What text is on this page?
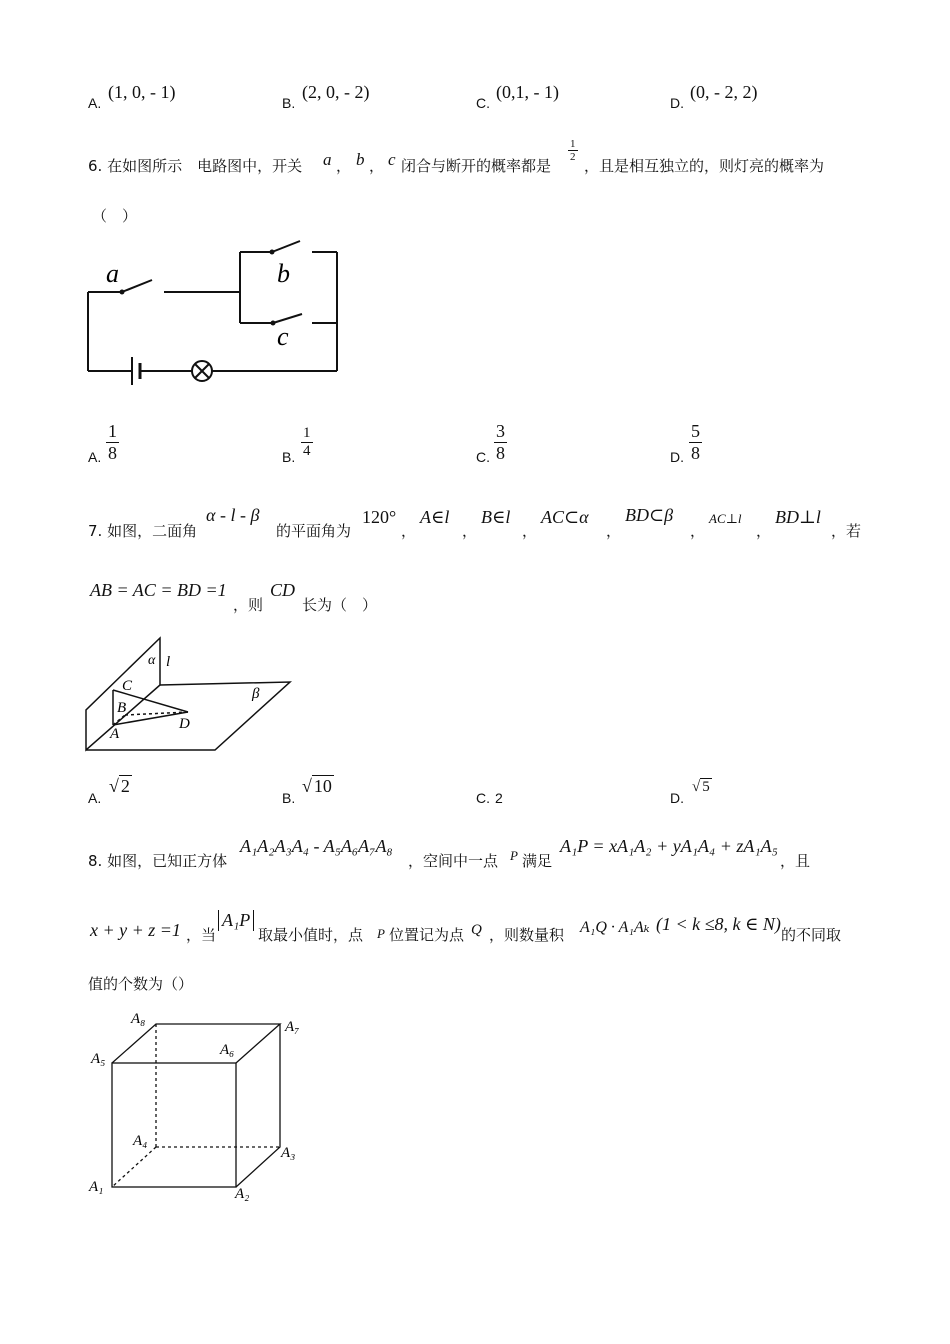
A.
(1, 0, - 1)
B.
(2, 0, - 2)
C.
(0,1, - 1)
D.
(0, - 2, 2)
6. 在如图所示　电路图中，开关 a ， b ， c 闭合与断开的概率都是
$\frac{1}{2}$
，且是相互独立的，则灯亮的概率为
（　）
a	b
c
A. $\frac{1}{8}$	B. $\frac{1}{4}$	C. $\frac{3}{8}$	D. $\frac{5}{8}$
7. 如图，二面角
α - l - β
的平面角为
120°
，
A∈l
，
B∈l
，
AC⊂α
，
BD⊂β
，
AC⊥l
，
BD⊥l
，若
AB = AC = BD =1
，则
CD
长为（　）
α l
β
C
B
A
D
A.
√ 2
B.
√ 10
C. 2	D.
√ 5
8. 如图，已知正方体
A₁A₂A₃A₄ - A₅A₆A₇A₈
，空间中一点 P 满足
A₁P = xA₁A₂ + yA₁A₄ + zA₁A₅
，且
x + y + z =1 ，当
A₁P
取最小值时，点 P 位置记为点 Q ，则数量积 A₁Q · A₁Aₖ (1 < k ≤8, k ∈ N)
的不同取
值的个数为（）
A₁	A₂
A₃
A₄
A₅
A₆
A₇
A₈
